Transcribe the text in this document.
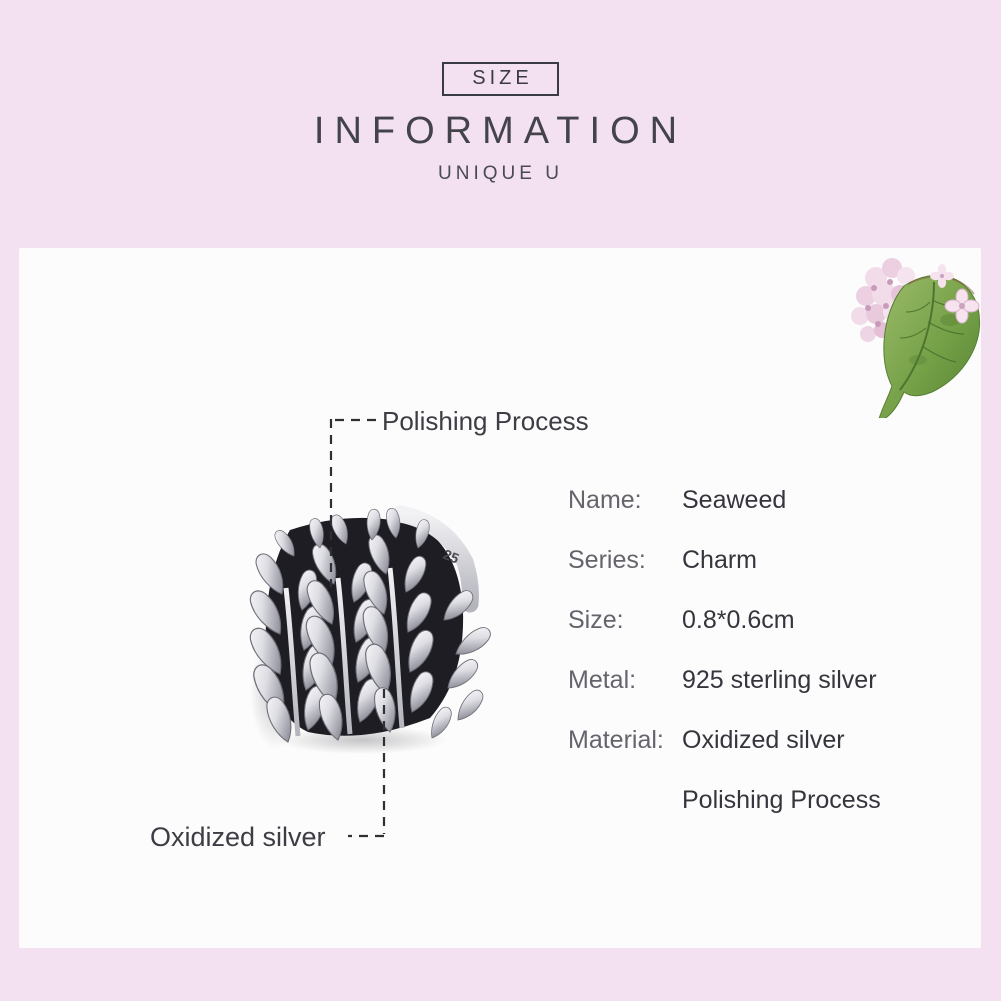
SIZE
INFORMATION
UNIQUE U
25
Polishing Process
Oxidized silver
Name:	Seaweed
Series:	Charm
Size:	0.8*0.6cm
Metal:	925 sterling silver
Material: Oxidized silver
Polishing Process
